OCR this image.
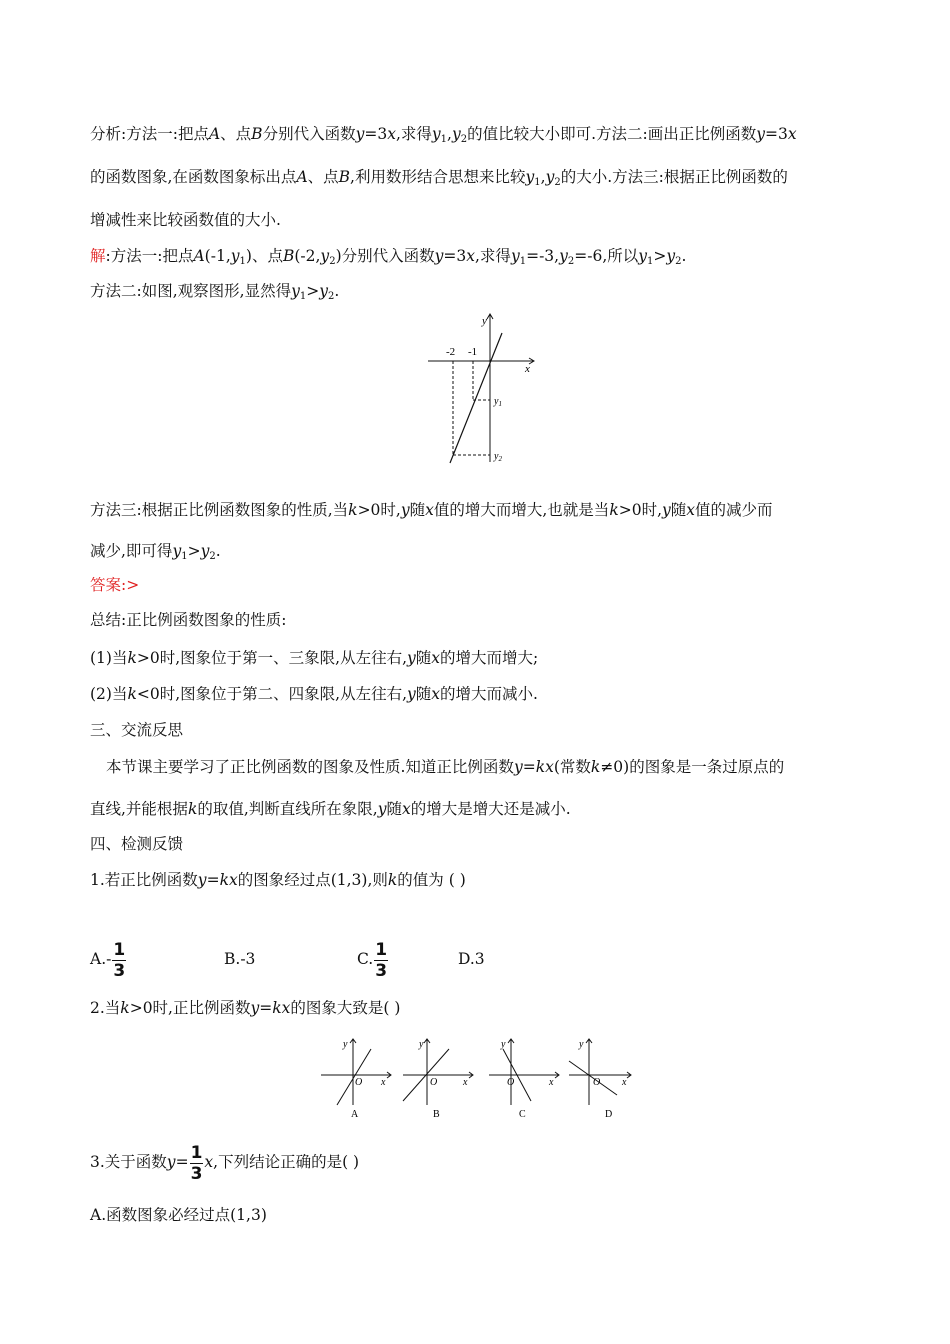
分析:方法一:把点A、点B分别代入函数y=3x,求得$y_1,y_2$的值比较大小即可.方法二:画出正比例函数y=3x
的函数图象,在函数图象标出点A、点B,利用数形结合思想来比较$y_1,y_2$的大小.方法三:根据正比例函数的
增减性来比较函数值的大小.
解:方法一:把点$A(-1,y_1)$、点$B(-2,y_2)$分别代入函数y=3x,求得$y_1=-3,y_2=-6$,所以$y_1>y_2$.
方法二:如图,观察图形,显然得$y_1>y_2$.
y
x
-2 -1
$y_1$
$y_2$
方法三:根据正比例函数图象的性质,当k>0时,y随x值的增大而增大,也就是当k>0时,y随x值的减少而
减少,即可得$y_1>y_2$.
答案:>
总结:正比例函数图象的性质:
(1)当k>0时,图象位于第一、三象限,从左往右,y随x的增大而增大;
(2)当k<0时,图象位于第二、四象限,从左往右,y随x的增大而减小.
三、交流反思
本节课主要学习了正比例函数的图象及性质.知道正比例函数y=kx(常数k≠0)的图象是一条过原点的
直线,并能根据k的取值,判断直线所在象限,y随x的增大是增大还是减小.
四、检测反馈
1.若正比例函数y=kx的图象经过点(1,3),则k的值为 ( )
$A.- \frac{1}{3}$	B.-3	C. $\frac{1}{3}$	D.3
2.当k>0时,正比例函数y=kx的图象大致是( )
y
x
O
A
y
x
O
B
y
x
O
C
y
x
O
D
3.关于函数$y= \frac{1}{3} x$,下列结论正确的是( )
A.函数图象必经过点(1,3)
